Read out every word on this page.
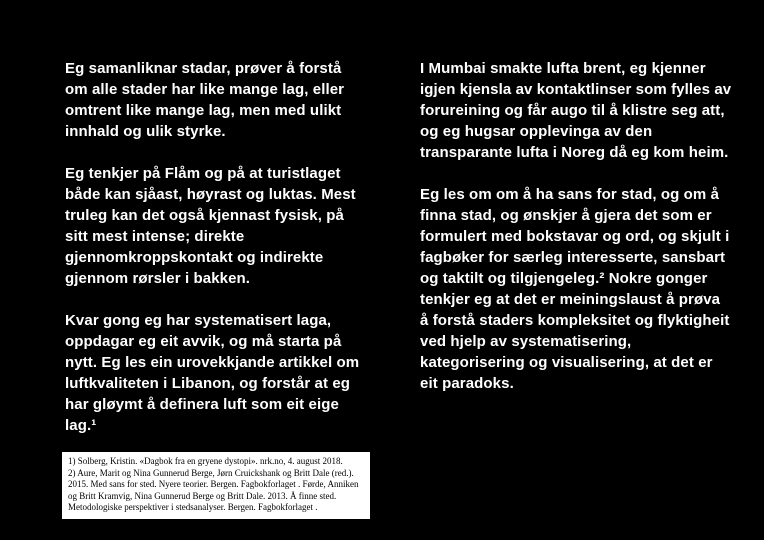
Eg samanliknar stadar, prøver å forstå om alle stader har like mange lag, eller omtrent like mange lag, men med ulikt innhald og ulik styrke.

Eg tenkjer på Flåm og på at turistlaget både kan sjåast, høyrast og luktas. Mest truleg kan det også kjennast fysisk, på sitt mest intense; direkte gjennomkroppskontakt og indirekte gjennom rørsler i bakken.

Kvar gong eg har systematisert laga, oppdagar eg eit avvik, og må starta på nytt. Eg les ein urovekkjande artikkel om luftkvaliteten i Libanon, og forstår at eg har gløymt å definera luft som eit eige lag.¹

I Mumbai smakte lufta brent, eg kjenner igjen kjensla av kontaktlinser som fylles av forureining og får augo til å klistre seg att, og eg hugsar opplevinga av den transparante lufta i Noreg då eg kom heim.

Eg les om om å ha sans for stad, og om å finna stad, og ønskjer å gjera det som er formulert med bokstavar og ord, og skjult i fagbøker for særleg interesserte, sansbart og taktilt og tilgjengeleg.² Nokre gonger tenkjer eg at det er meiningslaust å prøva å forstå staders kompleksitet og flyktigheit ved hjelp av systematisering, kategorisering og visualisering, at det er eit paradoks.

1) Solberg, Kristin. «Dagbok fra en gryene dystopi». nrk.no, 4. august 2018.

2) Aure, Marit og Nina Gunnerud Berge, Jørn Cruickshank og Britt Dale (red.). 2015. Med sans for sted. Nyere teorier. Bergen. Fagbokforlaget . Førde, Anniken og Britt Kramvig, Nina Gunnerud Berge og Britt Dale. 2013. Å finne sted. Metodologiske perspektiver i stedsanalyser. Bergen. Fagbokforlaget .
